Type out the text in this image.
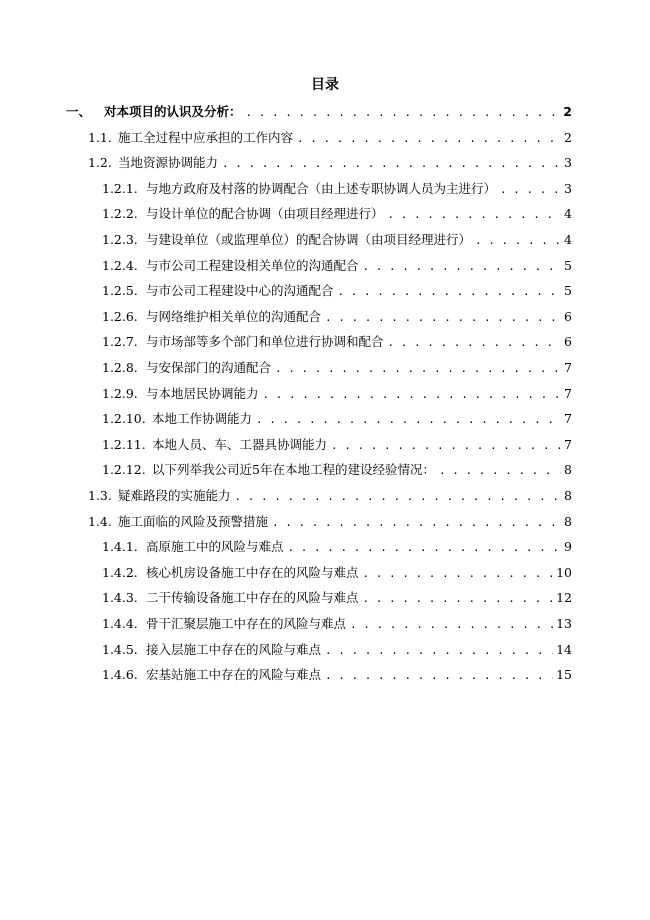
目录
一、	对本项目的认识及分析： . . .	2
1.1. 施工全过程中应承担的工作内容 . . .	2
1.2. 当地资源协调能力 . . .	3
1.2.1. 与地方政府及村落的协调配合（由上述专职协调人员为主进行） . . .	3
1.2.2. 与设计单位的配合协调（由项目经理进行） . . .	4
1.2.3. 与建设单位（或监理单位）的配合协调（由项目经理进行） . . .	4
1.2.4. 与市公司工程建设相关单位的沟通配合 . . .	5
1.2.5. 与市公司工程建设中心的沟通配合 . . .	5
1.2.6. 与网络维护相关单位的沟通配合 . . .	6
1.2.7. 与市场部等多个部门和单位进行协调和配合 . . .	6
1.2.8. 与安保部门的沟通配合 . . .	7
1.2.9. 与本地居民协调能力 . . .	7
1.2.10. 本地工作协调能力 . . .	7
1.2.11. 本地人员、车、工器具协调能力 . . .	7
1.2.12. 以下列举我公司近5年在本地工程的建设经验情况： . . .	8
1.3. 疑难路段的实施能力 . . .	8
1.4. 施工面临的风险及预警措施 . . .	8
1.4.1. 高原施工中的风险与难点 . . .	9
1.4.2. 核心机房设备施工中存在的风险与难点 . . .	10
1.4.3. 二干传输设备施工中存在的风险与难点 . . .	12
1.4.4. 骨干汇聚层施工中存在的风险与难点 . . .	13
1.4.5. 接入层施工中存在的风险与难点 . . .	14
1.4.6. 宏基站施工中存在的风险与难点 . . .	15
